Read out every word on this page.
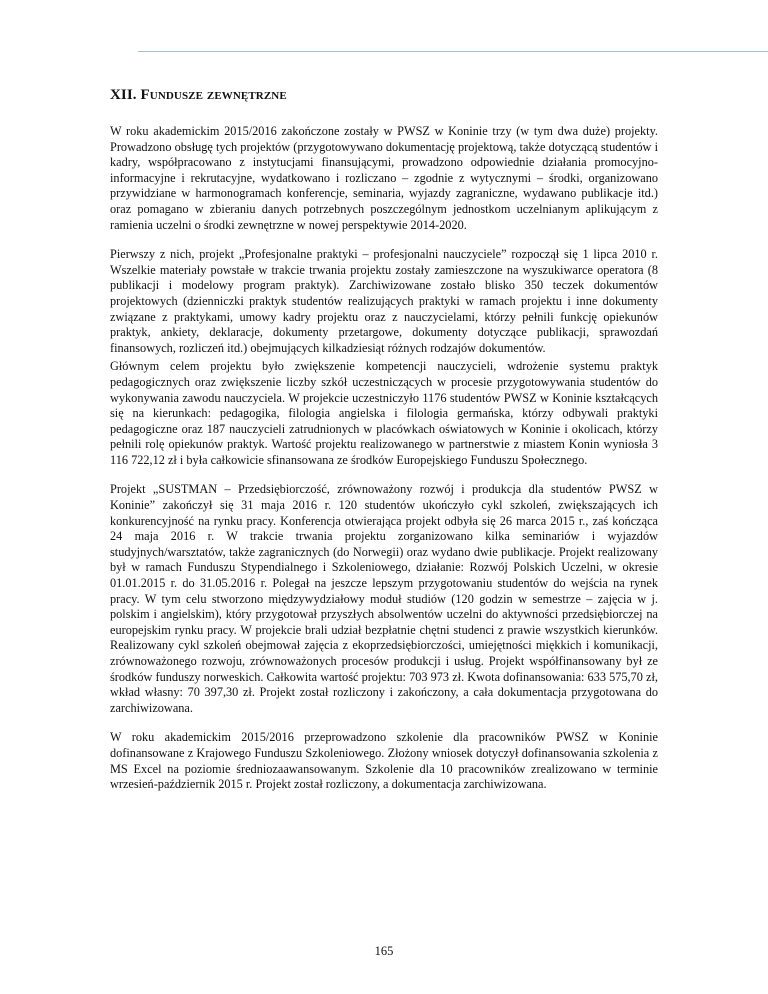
XII. Fundusze zewnętrzne

W roku akademickim 2015/2016 zakończone zostały w PWSZ w Koninie trzy (w tym dwa duże) projekty. Prowadzono obsługę tych projektów (przygotowywano dokumentację projektową, także dotyczącą studentów i kadry, współpracowano z instytucjami finansującymi, prowadzono odpowiednie działania promocyjno-informacyjne i rekrutacyjne, wydatkowano i rozliczano – zgodnie z wytycznymi – środki, organizowano przywidziane w harmonogramach konferencje, seminaria, wyjazdy zagraniczne, wydawano publikacje itd.) oraz pomagano w zbieraniu danych potrzebnych poszczególnym jednostkom uczelnianym aplikującym z ramienia uczelni o środki zewnętrzne w nowej perspektywie 2014-2020.

Pierwszy z nich, projekt „Profesjonalne praktyki – profesjonalni nauczyciele” rozpoczął się 1 lipca 2010 r. Wszelkie materiały powstałe w trakcie trwania projektu zostały zamieszczone na wyszukiwarce operatora (8 publikacji i modelowy program praktyk). Zarchiwizowane zostało blisko 350 teczek dokumentów projektowych (dzienniczki praktyk studentów realizujących praktyki w ramach projektu i inne dokumenty związane z praktykami, umowy kadry projektu oraz z nauczycielami, którzy pełnili funkcję opiekunów praktyk, ankiety, deklaracje, dokumenty przetargowe, dokumenty dotyczące publikacji, sprawozdań finansowych, rozliczeń itd.) obejmujących kilkadziesiąt różnych rodzajów dokumentów.

Głównym celem projektu było zwiększenie kompetencji nauczycieli, wdrożenie systemu praktyk pedagogicznych oraz zwiększenie liczby szkół uczestniczących w procesie przygotowywania studentów do wykonywania zawodu nauczyciela. W projekcie uczestniczyło 1176 studentów PWSZ w Koninie kształcących się na kierunkach: pedagogika, filologia angielska i filologia germańska, którzy odbywali praktyki pedagogiczne oraz 187 nauczycieli zatrudnionych w placówkach oświatowych w Koninie i okolicach, którzy pełnili rolę opiekunów praktyk. Wartość projektu realizowanego w partnerstwie z miastem Konin wyniosła 3 116 722,12 zł i była całkowicie sfinansowana ze środków Europejskiego Funduszu Społecznego.

Projekt „SUSTMAN – Przedsiębiorczość, zrównoważony rozwój i produkcja dla studentów PWSZ w Koninie” zakończył się 31 maja 2016 r. 120 studentów ukończyło cykl szkoleń, zwiększających ich konkurencyjność na rynku pracy. Konferencja otwierająca projekt odbyła się 26 marca 2015 r., zaś kończąca 24 maja 2016 r. W trakcie trwania projektu zorganizowano kilka seminariów i wyjazdów studyjnych/warsztatów, także zagranicznych (do Norwegii) oraz wydano dwie publikacje. Projekt realizowany był w ramach Funduszu Stypendialnego i Szkoleniowego, działanie: Rozwój Polskich Uczelni, w okresie 01.01.2015 r. do 31.05.2016 r. Polegał na jeszcze lepszym przygotowaniu studentów do wejścia na rynek pracy. W tym celu stworzono międzywydziałowy moduł studiów (120 godzin w semestrze – zajęcia w j. polskim i angielskim), który przygotował przyszłych absolwentów uczelni do aktywności przedsiębiorczej na europejskim rynku pracy. W projekcie brali udział bezpłatnie chętni studenci z prawie wszystkich kierunków. Realizowany cykl szkoleń obejmował zajęcia z ekoprzedsiębiorczości, umiejętności miękkich i komunikacji, zrównoważonego rozwoju, zrównoważonych procesów produkcji i usług. Projekt współfinansowany był ze środków funduszy norweskich. Całkowita wartość projektu: 703 973 zł. Kwota dofinansowania: 633 575,70 zł, wkład własny: 70 397,30 zł. Projekt został rozliczony i zakończony, a cała dokumentacja przygotowana do zarchiwizowana.

W roku akademickim 2015/2016 przeprowadzono szkolenie dla pracowników PWSZ w Koninie dofinansowane z Krajowego Funduszu Szkoleniowego. Złożony wniosek dotyczył dofinansowania szkolenia z MS Excel na poziomie średniozaawansowanym. Szkolenie dla 10 pracowników zrealizowano w terminie wrzesień-październik 2015 r. Projekt został rozliczony, a dokumentacja zarchiwizowana.

165
